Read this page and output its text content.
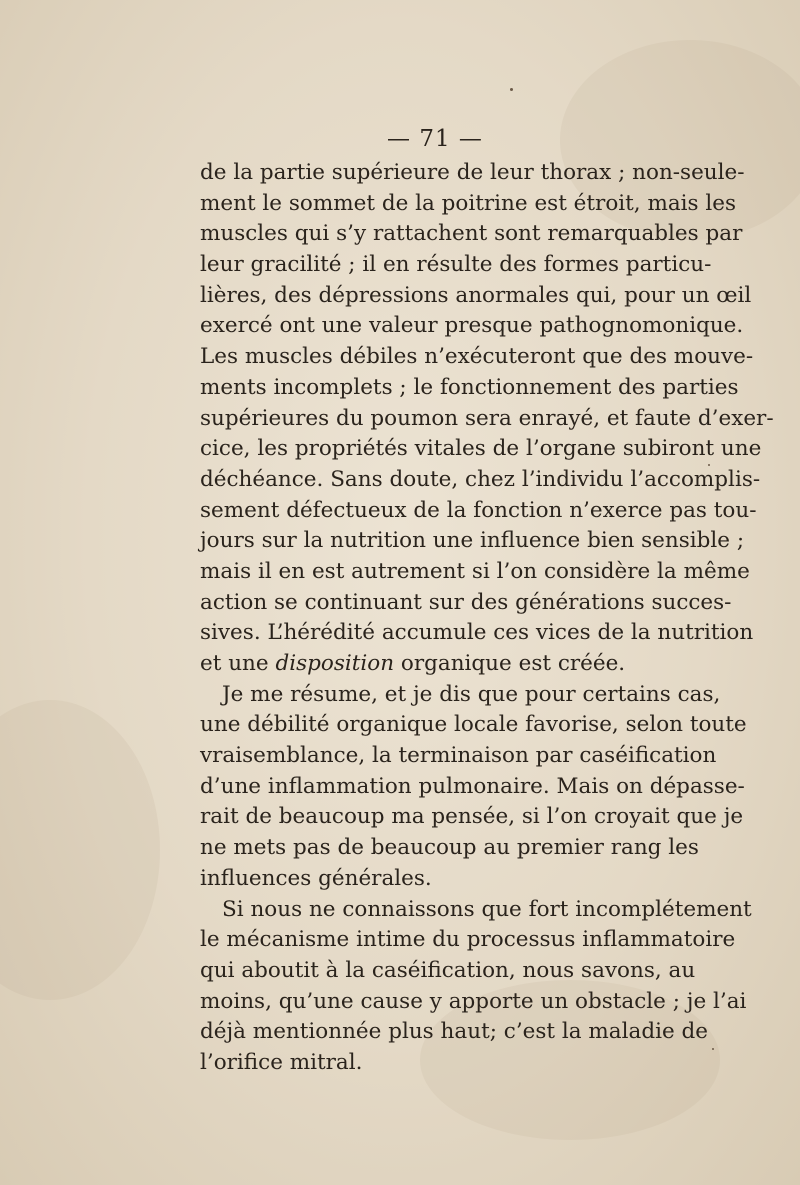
— 71 —
de la partie supérieure de leur thorax ; non-seule-
ment le sommet de la poitrine est étroit, mais les
muscles qui s’y rattachent sont remarquables par
leur gracilité ; il en résulte des formes particu-
lières, des dépressions anormales qui, pour un œil
exercé ont une valeur presque pathognomonique.
Les muscles débiles n’exécuteront que des mouve-
ments incomplets ; le fonctionnement des parties
supérieures du poumon sera enrayé, et faute d’exer-
cice, les propriétés vitales de l’organe subiront une
déchéance. Sans doute, chez l’individu l’accomplis-
sement défectueux de la fonction n’exerce pas tou-
jours sur la nutrition une influence bien sensible ;
mais il en est autrement si l’on considère la même
action se continuant sur des générations succes-
sives. L’hérédité accumule ces vices de la nutrition
et une disposition organique est créée.
Je me résume, et je dis que pour certains cas,
une débilité organique locale favorise, selon toute
vraisemblance, la terminaison par caséification
d’une inflammation pulmonaire. Mais on dépasse-
rait de beaucoup ma pensée, si l’on croyait que je
ne mets pas de beaucoup au premier rang les
influences générales.
Si nous ne connaissons que fort incomplétement
le mécanisme intime du processus inflammatoire
qui aboutit à la caséification, nous savons, au
moins, qu’une cause y apporte un obstacle ; je l’ai
déjà mentionnée plus haut; c’est la maladie de
l’orifice mitral.
